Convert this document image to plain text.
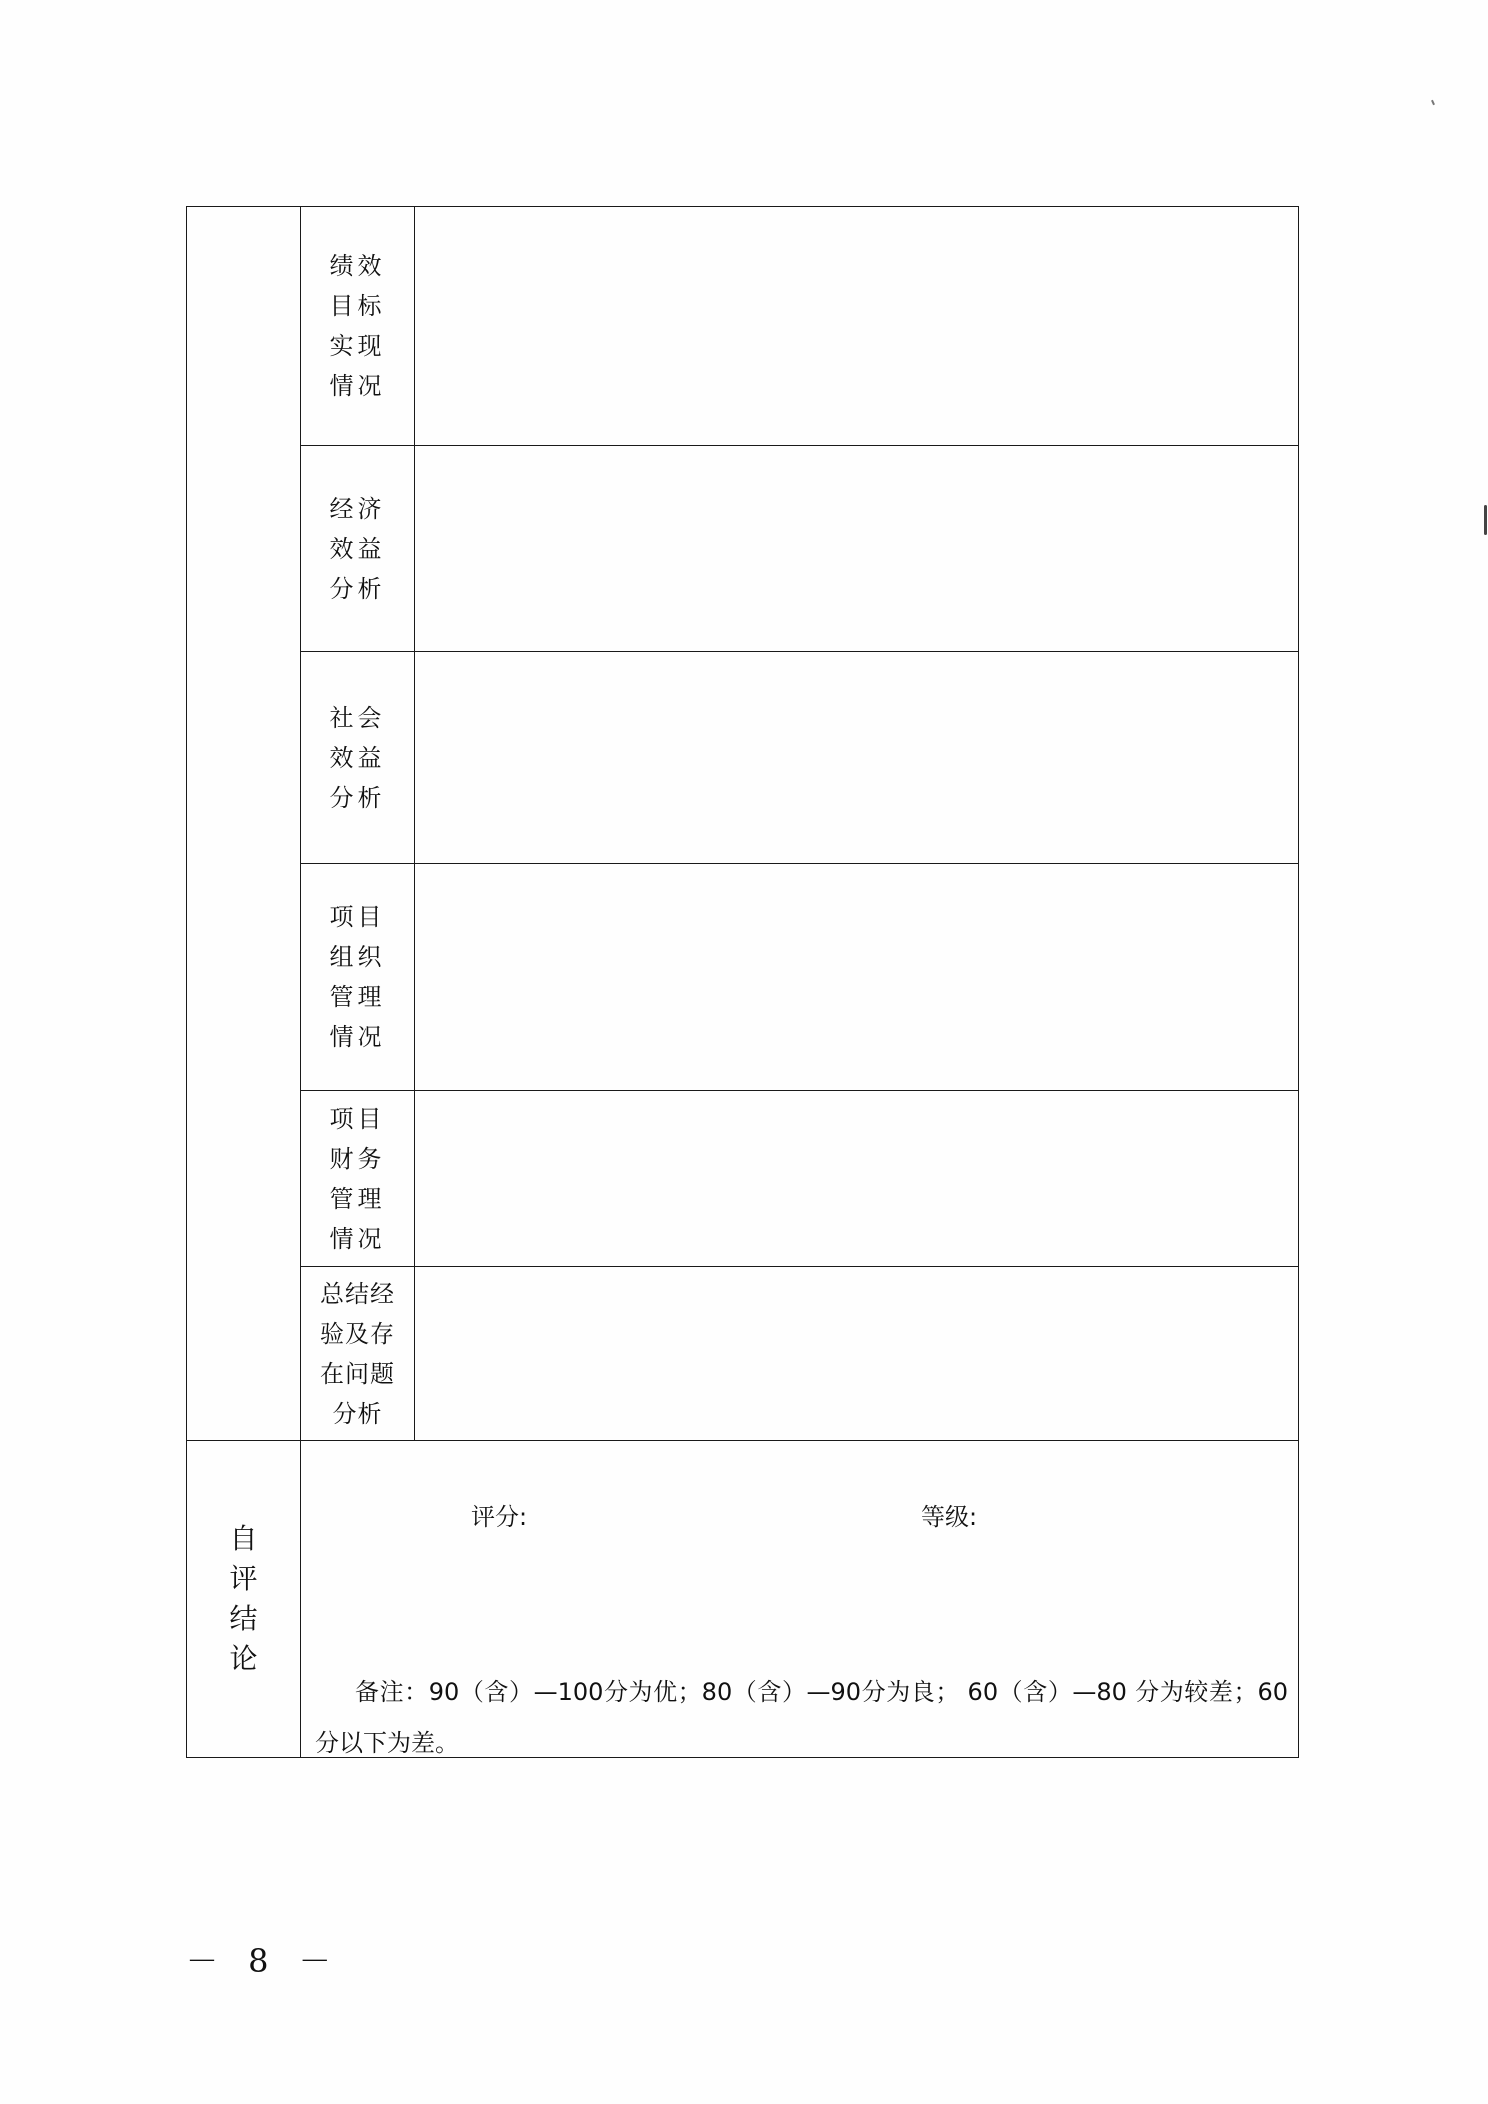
	绩效
目标
实现
情况	

	经济
效益
分析	

	社会
效益
分析	

	项目
组织
管理
情况	

	项目
财务
管理
情况	

	总结经
验及存
在问题
分析	

自
评
结
论	评分: 等级:
备注：90（含）—100分为优；80（含）—90分为良； 60（含）—80 分为较差；60分以下为差。	
－ 8 －
